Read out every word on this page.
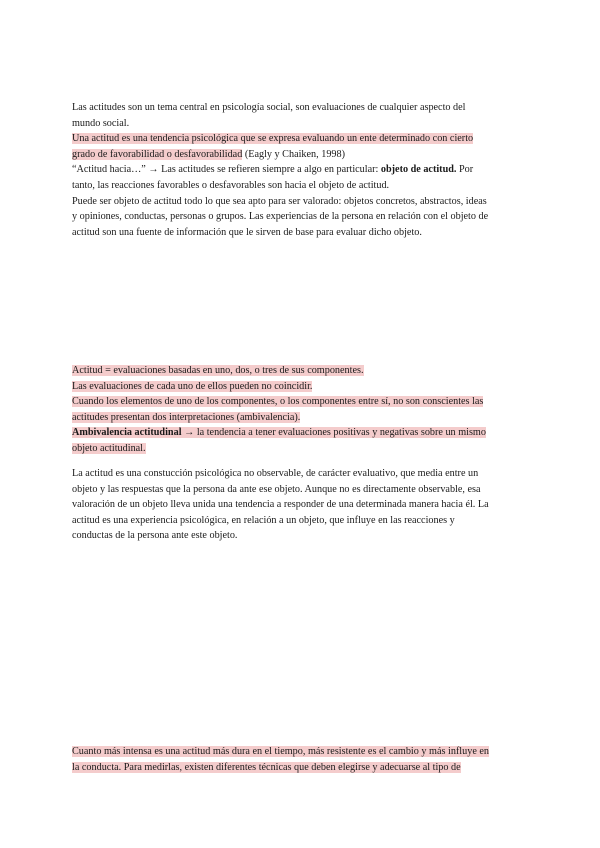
Las actitudes son un tema central en psicología social, son evaluaciones de cualquier aspecto del
mundo social.
Una actitud es una tendencia psicológica que se expresa evaluando un ente determinado con cierto
grado de favorabilidad o desfavorabilidad (Eagly y Chaiken, 1998)
“Actitud hacia…” → Las actitudes se refieren siempre a algo en particular: objeto de actitud. Por
tanto, las reacciones favorables o desfavorables son hacia el objeto de actitud.
Puede ser objeto de actitud todo lo que sea apto para ser valorado: objetos concretos, abstractos, ideas
y opiniones, conductas, personas o grupos. Las experiencias de la persona en relación con el objeto de
actitud son una fuente de información que le sirven de base para evaluar dicho objeto.
Actitud = evaluaciones basadas en uno, dos, o tres de sus componentes.
Las evaluaciones de cada uno de ellos pueden no coincidir.
Cuando los elementos de uno de los componentes, o los componentes entre sí, no son conscientes las
actitudes presentan dos interpretaciones (ambivalencia).
Ambivalencia actitudinal → la tendencia a tener evaluaciones positivas y negativas sobre un mismo
objeto actitudinal.
La actitud es una constucción psicológica no observable, de carácter evaluativo, que media entre un
objeto y las respuestas que la persona da ante ese objeto. Aunque no es directamente observable, esa
valoración de un objeto lleva unida una tendencia a responder de una determinada manera hacia él. La
actitud es una experiencia psicológica, en relación a un objeto, que influye en las reacciones y
conductas de la persona ante este objeto.
Cuanto más intensa es una actitud más dura en el tiempo, más resistente es el cambio y más influye en
la conducta. Para medirlas, existen diferentes técnicas que deben elegirse y adecuarse al tipo de
